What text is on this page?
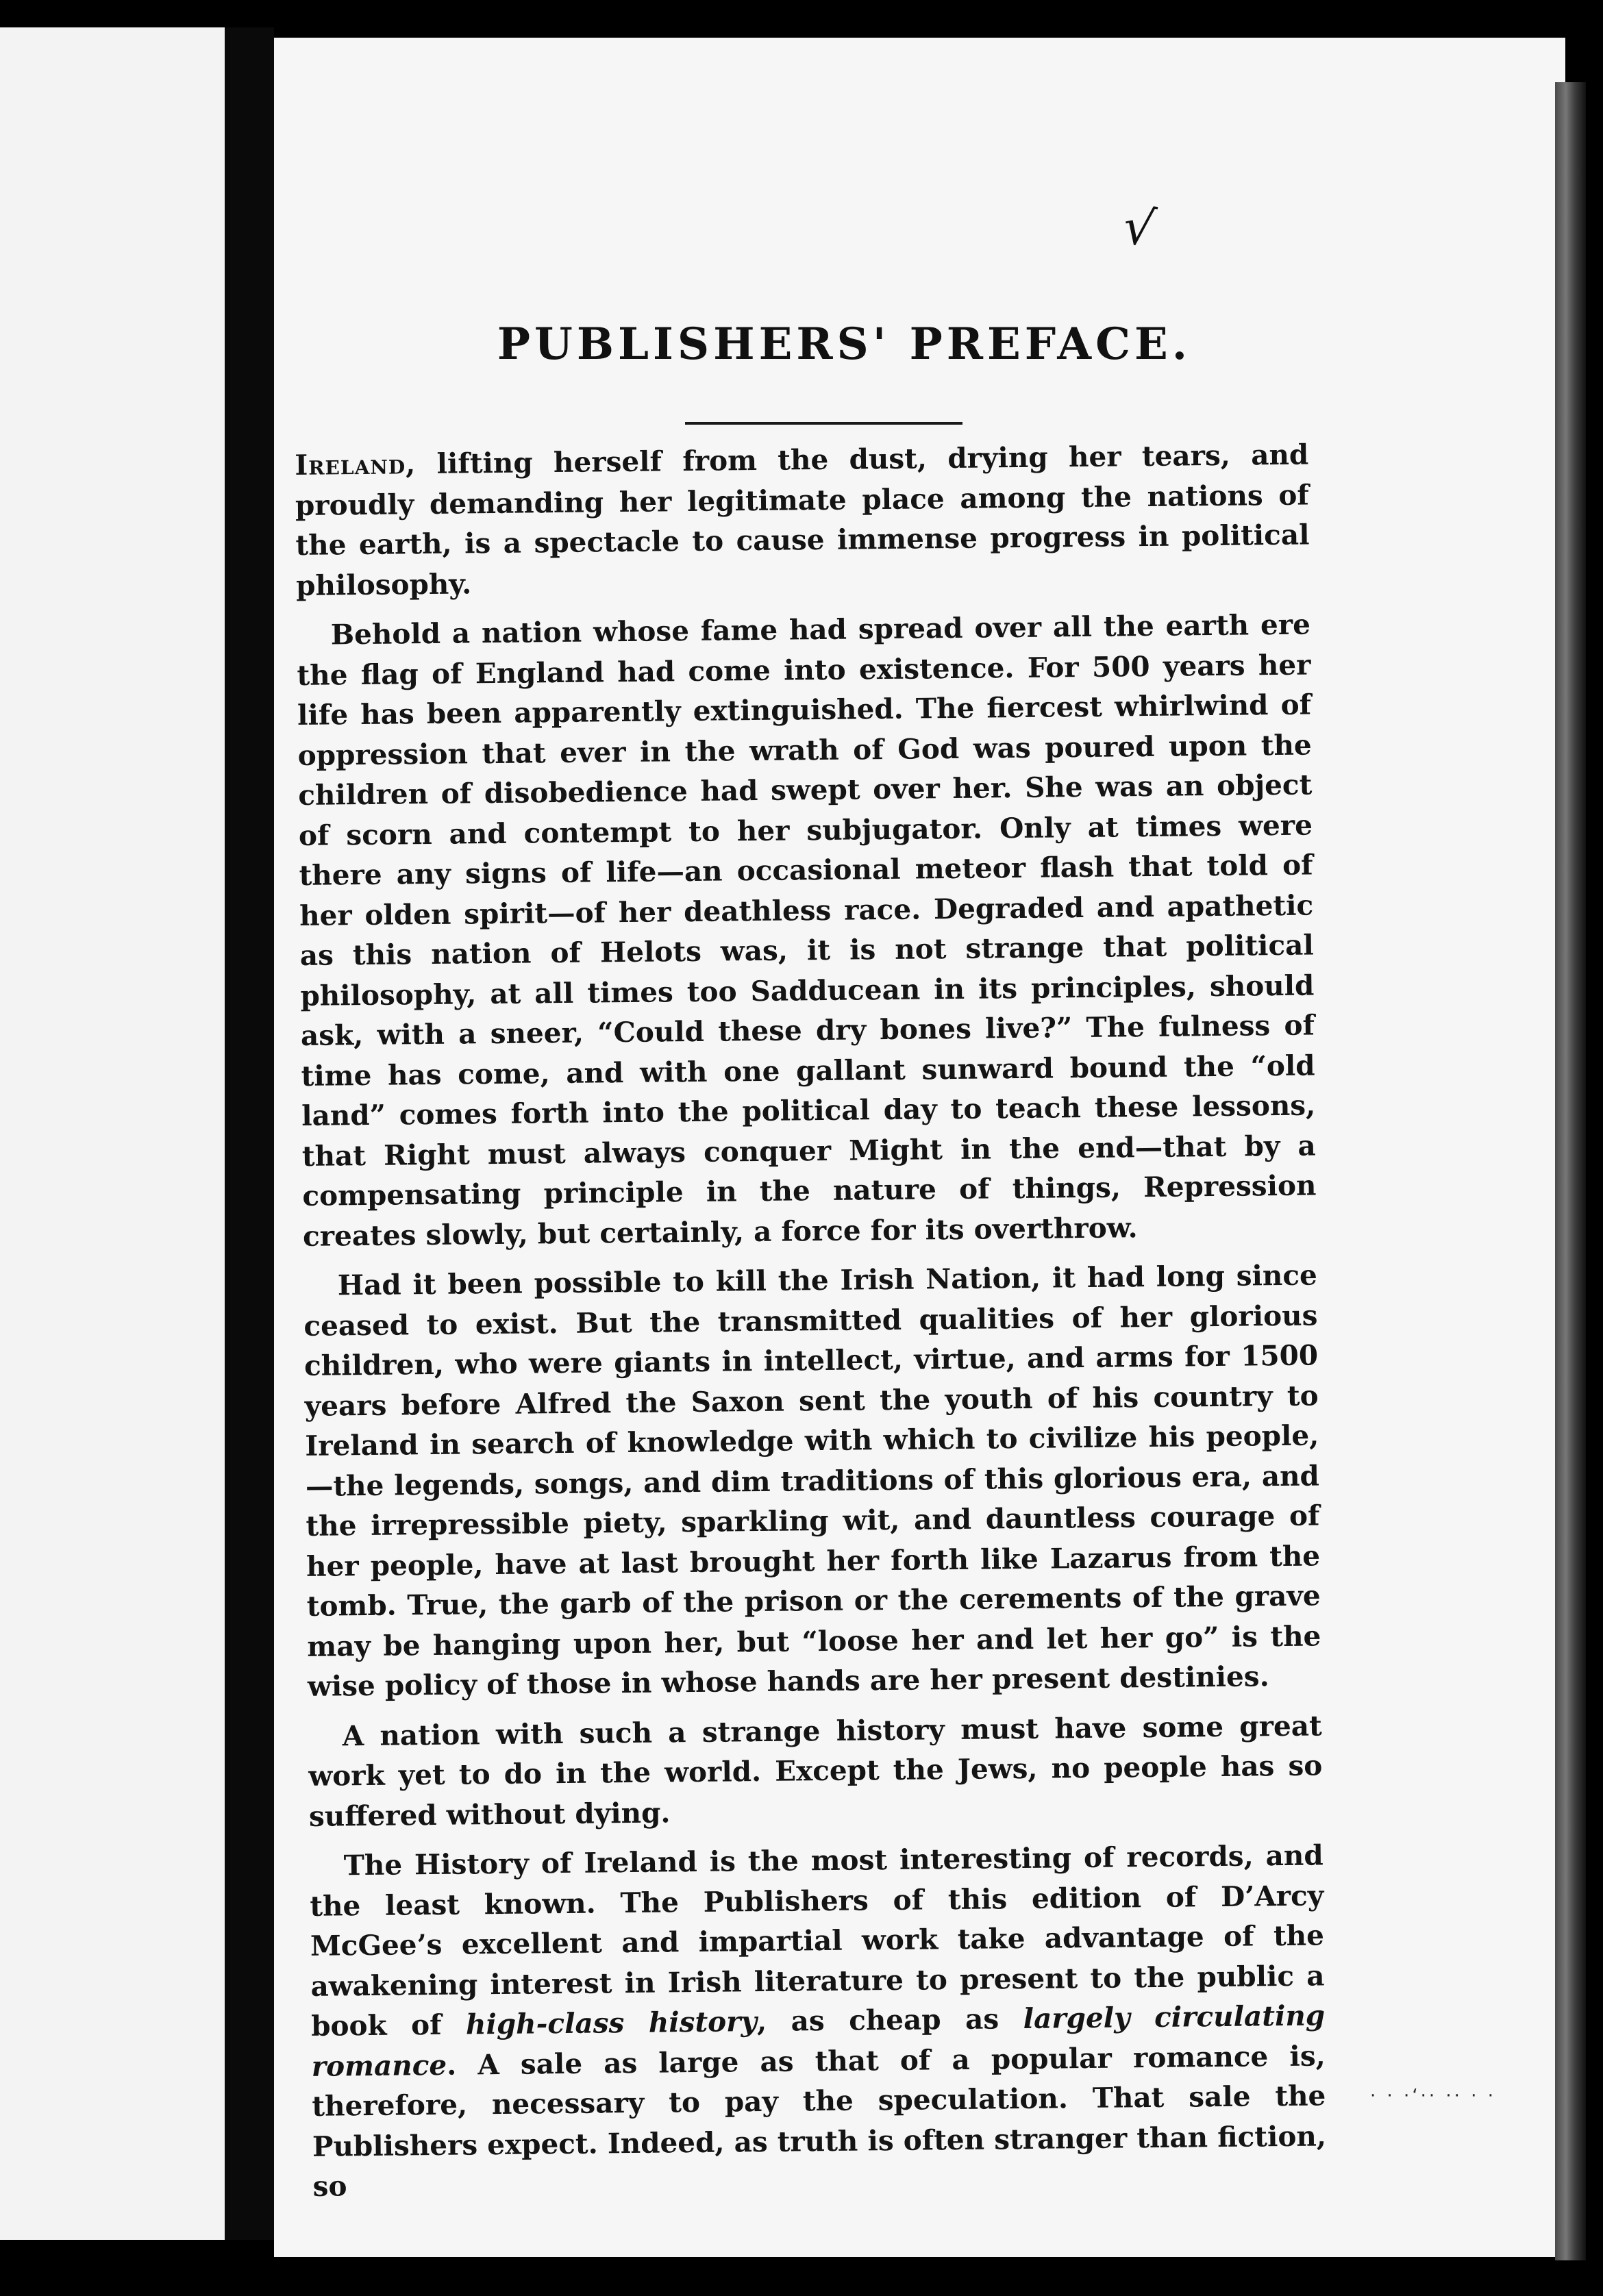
√
PUBLISHERS' PREFACE.

Ireland, lifting herself from the dust, drying her tears, and proudly demanding her legitimate place among the nations of the earth, is a spectacle to cause immense progress in political philosophy.

Behold a nation whose fame had spread over all the earth ere the flag of England had come into existence. For 500 years her life has been apparently extinguished. The fiercest whirlwind of oppression that ever in the wrath of God was poured upon the children of disobedience had swept over her. She was an object of scorn and contempt to her subjugator. Only at times were there any signs of life—an occasional meteor flash that told of her olden spirit—of her deathless race. Degraded and apathetic as this nation of Helots was, it is not strange that political philosophy, at all times too Sadducean in its principles, should ask, with a sneer, “Could these dry bones live?” The fulness of time has come, and with one gallant sunward bound the “old land” comes forth into the political day to teach these lessons, that Right must always conquer Might in the end—that by a compensating principle in the nature of things, Repression creates slowly, but certainly, a force for its overthrow.

Had it been possible to kill the Irish Nation, it had long since ceased to exist. But the transmitted qualities of her glorious children, who were giants in intellect, virtue, and arms for 1500 years before Alfred the Saxon sent the youth of his country to Ireland in search of knowledge with which to civilize his people,—the legends, songs, and dim traditions of this glorious era, and the irrepressible piety, sparkling wit, and dauntless courage of her people, have at last brought her forth like Lazarus from the tomb. True, the garb of the prison or the cerements of the grave may be hanging upon her, but “loose her and let her go” is the wise policy of those in whose hands are her present destinies.

A nation with such a strange history must have some great work yet to do in the world. Except the Jews, no people has so suffered without dying.

The History of Ireland is the most interesting of records, and the least known. The Publishers of this edition of D’Arcy McGee’s excellent and impartial work take advantage of the awakening interest in Irish literature to present to the public a book of high-class history, as cheap as largely circulating romance. A sale as large as that of a popular romance is, therefore, necessary to pay the speculation. That sale the Publishers expect. Indeed, as truth is often stranger than fiction, so

· · ·‘·· ·· · ·
